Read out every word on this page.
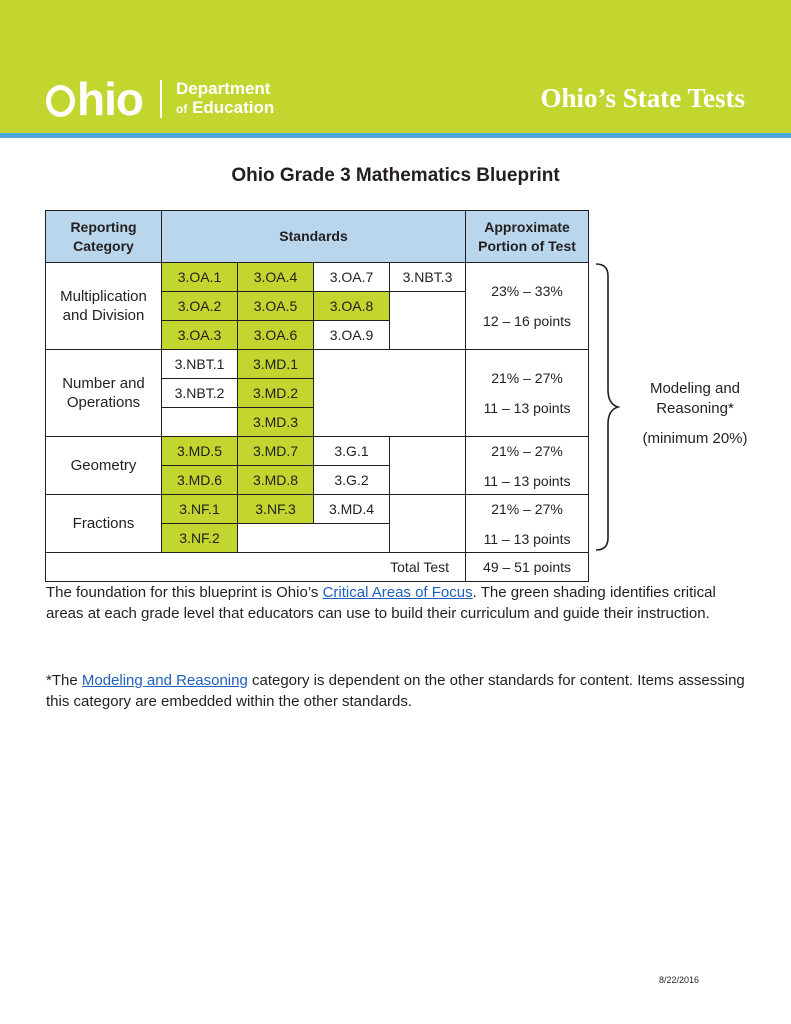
hio Department
of Education	Ohio’s State Tests
Ohio Grade 3 Mathematics Blueprint
Reporting Category	Standards				Approximate Portion of Test
Multiplication and Division	3.OA.1	3.OA.4	3.OA.7	3.NBT.3	23% – 33%
12 – 16 points

	3.OA.2	3.OA.5	3.OA.8		
	3.OA.3	3.OA.6	3.OA.9		
Number and Operations	3.NBT.1	3.MD.1			21% – 27%
11 – 13 points

	3.NBT.2	3.MD.2			
		3.MD.3			
Geometry	3.MD.5	3.MD.7	3.G.1		21% – 27%
11 – 13 points

	3.MD.6	3.MD.8	3.G.2		
Fractions	3.NF.1	3.NF.3	3.MD.4		21% – 27%
11 – 13 points

	3.NF.2				
Total Test					49 – 51 points
Modeling and
Reasoning*
(minimum 20%)

The foundation for this blueprint is Ohio’s Critical Areas of Focus. The green shading identifies critical areas at each grade level that educators can use to build their curriculum and guide their instruction.

*The Modeling and Reasoning category is dependent on the other standards for content. Items assessing this category are embedded within the other standards.

8/22/2016
